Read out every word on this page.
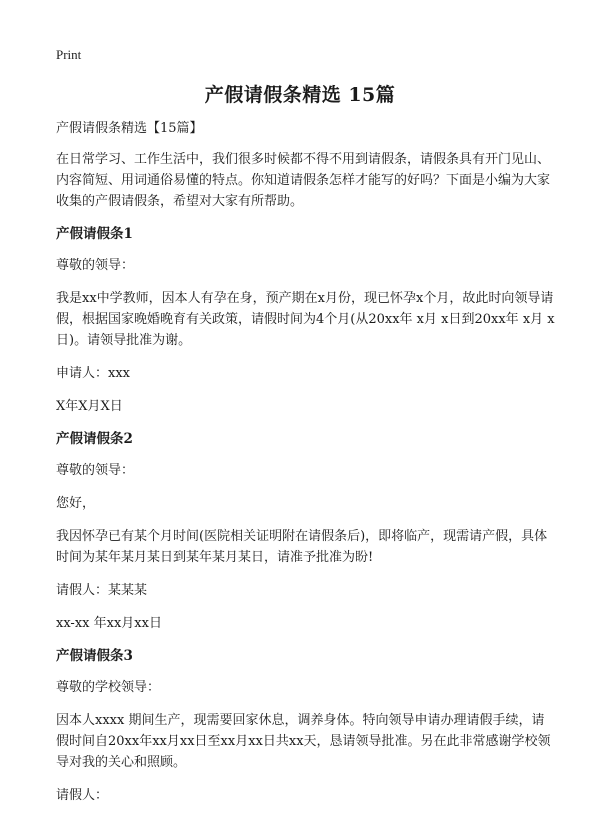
Print
产假请假条精选 15篇

产假请假条精选【15篇】

在日常学习、工作生活中，我们很多时候都不得不用到请假条，请假条具有开门见山、内容简短、用词通俗易懂的特点。你知道请假条怎样才能写的好吗？下面是小编为大家收集的产假请假条，希望对大家有所帮助。

产假请假条1

尊敬的领导：

我是xx中学教师，因本人有孕在身，预产期在x月份，现已怀孕x个月，故此时向领导请假，根据国家晚婚晚育有关政策，请假时间为4个月(从20xx年 x月 x日到20xx年 x月 x日)。请领导批准为谢。

申请人：xxx

X年X月X日

产假请假条2

尊敬的领导：

您好，

我因怀孕已有某个月时间(医院相关证明附在请假条后)，即将临产，现需请产假，具体时间为某年某月某日到某年某月某日，请准予批准为盼!

请假人：某某某

xx-xx 年xx月xx日

产假请假条3

尊敬的学校领导：

因本人xxxx 期间生产，现需要回家休息，调养身体。特向领导申请办理请假手续，请假时间自20xx年xx月xx日至xx月xx日共xx天，恳请领导批准。另在此非常感谢学校领导对我的关心和照顾。

请假人：
